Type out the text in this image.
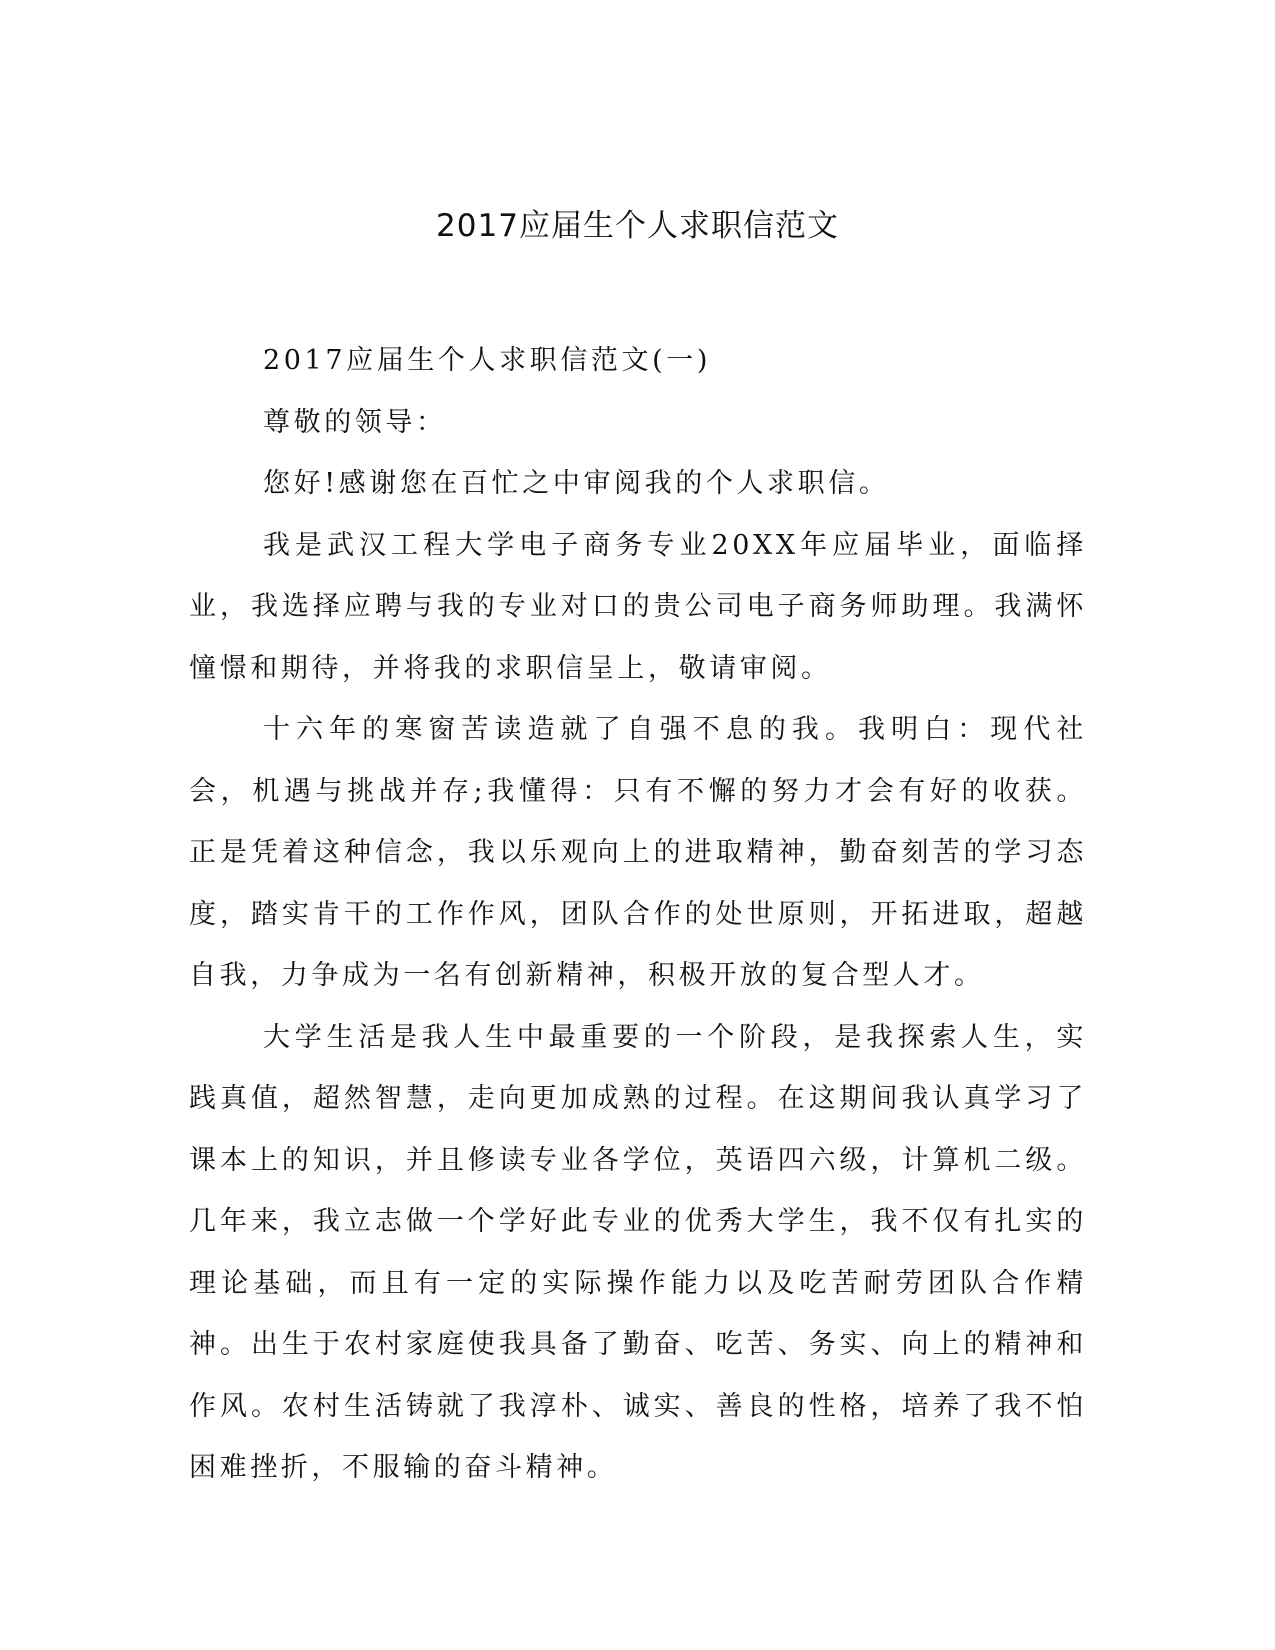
2017应届生个人求职信范文

2017应届生个人求职信范文(一)

尊敬的领导：

您好!感谢您在百忙之中审阅我的个人求职信。

我是武汉工程大学电子商务专业20XX年应届毕业，面临择业，我选择应聘与我的专业对口的贵公司电子商务师助理。我满怀憧憬和期待，并将我的求职信呈上，敬请审阅。

十六年的寒窗苦读造就了自强不息的我。我明白：现代社会，机遇与挑战并存;我懂得：只有不懈的努力才会有好的收获。正是凭着这种信念，我以乐观向上的进取精神，勤奋刻苦的学习态度，踏实肯干的工作作风，团队合作的处世原则，开拓进取，超越自我，力争成为一名有创新精神，积极开放的复合型人才。

大学生活是我人生中最重要的一个阶段，是我探索人生，实践真值，超然智慧，走向更加成熟的过程。在这期间我认真学习了课本上的知识，并且修读专业各学位，英语四六级，计算机二级。几年来，我立志做一个学好此专业的优秀大学生，我不仅有扎实的理论基础，而且有一定的实际操作能力以及吃苦耐劳团队合作精神。出生于农村家庭使我具备了勤奋、吃苦、务实、向上的精神和作风。农村生活铸就了我淳朴、诚实、善良的性格，培养了我不怕困难挫折，不服输的奋斗精神。
